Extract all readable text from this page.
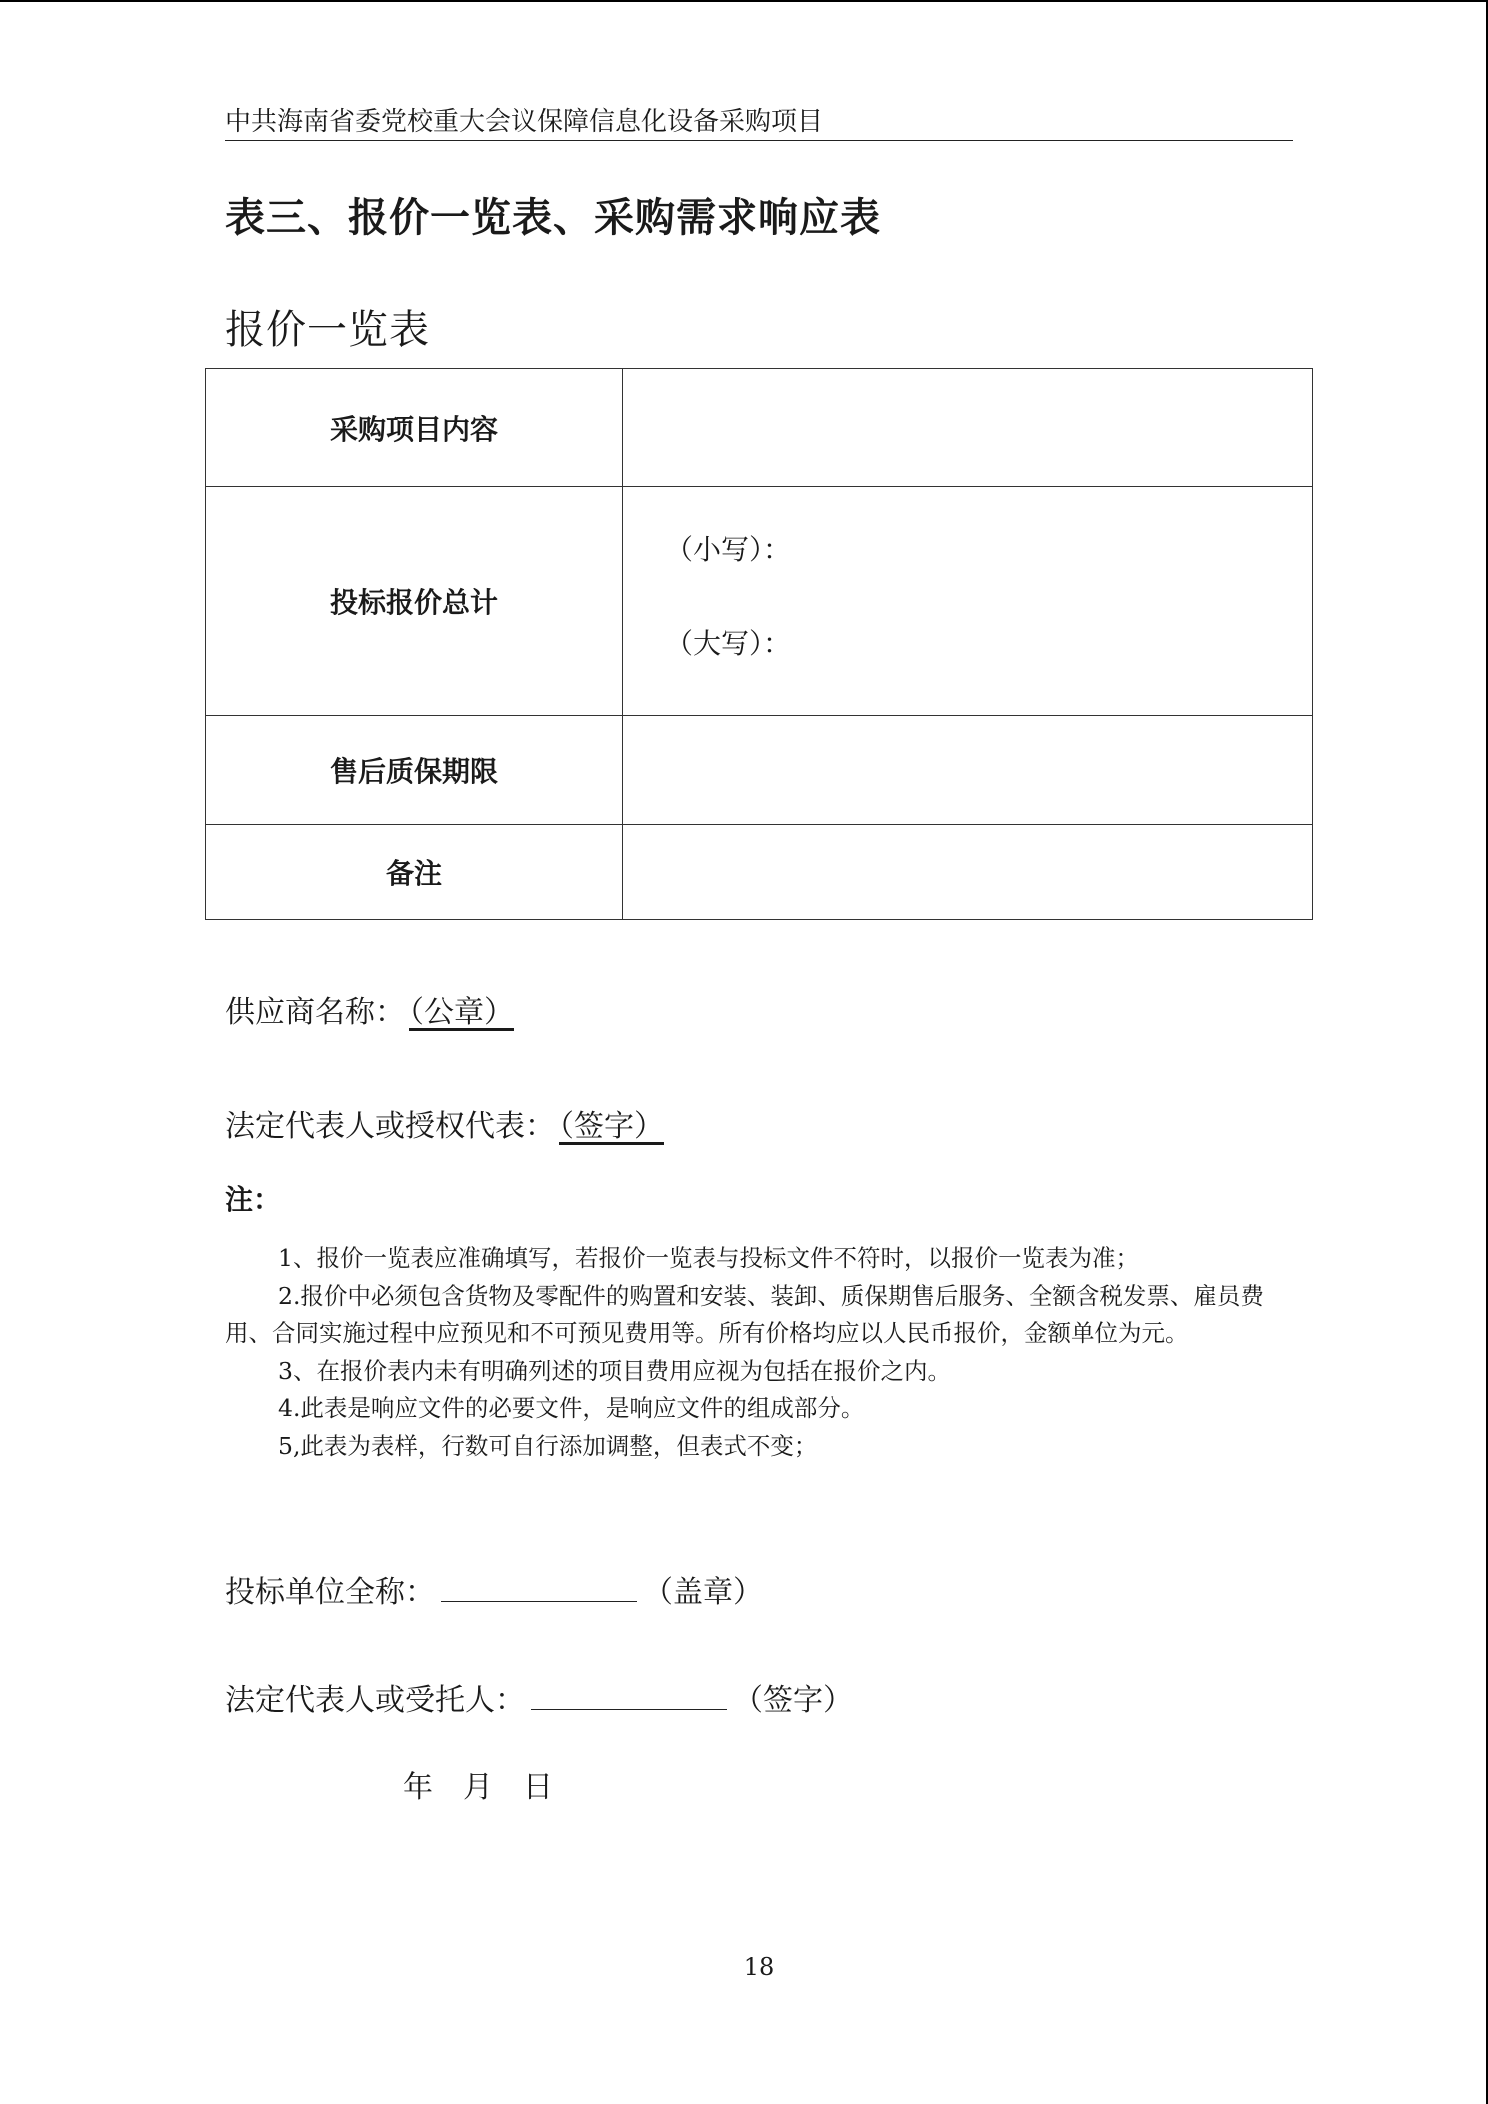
中共海南省委党校重大会议保障信息化设备采购项目
表三、报价一览表、采购需求响应表
报价一览表
采购项目内容	
投标报价总计	（小写）：
（大写）：

售后质保期限	
备注	
供应商名称： （公章）
法定代表人或授权代表： （签字）
注：

1、报价一览表应准确填写，若报价一览表与投标文件不符时，以报价一览表为准；

2.报价中必须包含货物及零配件的购置和安装、装卸、质保期售后服务、全额含税发票、雇员费用、合同实施过程中应预见和不可预见费用等。所有价格均应以人民币报价，金额单位为元。

3、在报价表内未有明确列述的项目费用应视为包括在报价之内。

4.此表是响应文件的必要文件，是响应文件的组成部分。

5,此表为表样，行数可自行添加调整，但表式不变；

投标单位全称：	（盖章）
法定代表人或受托人：	（签字）
年 月 日
18
